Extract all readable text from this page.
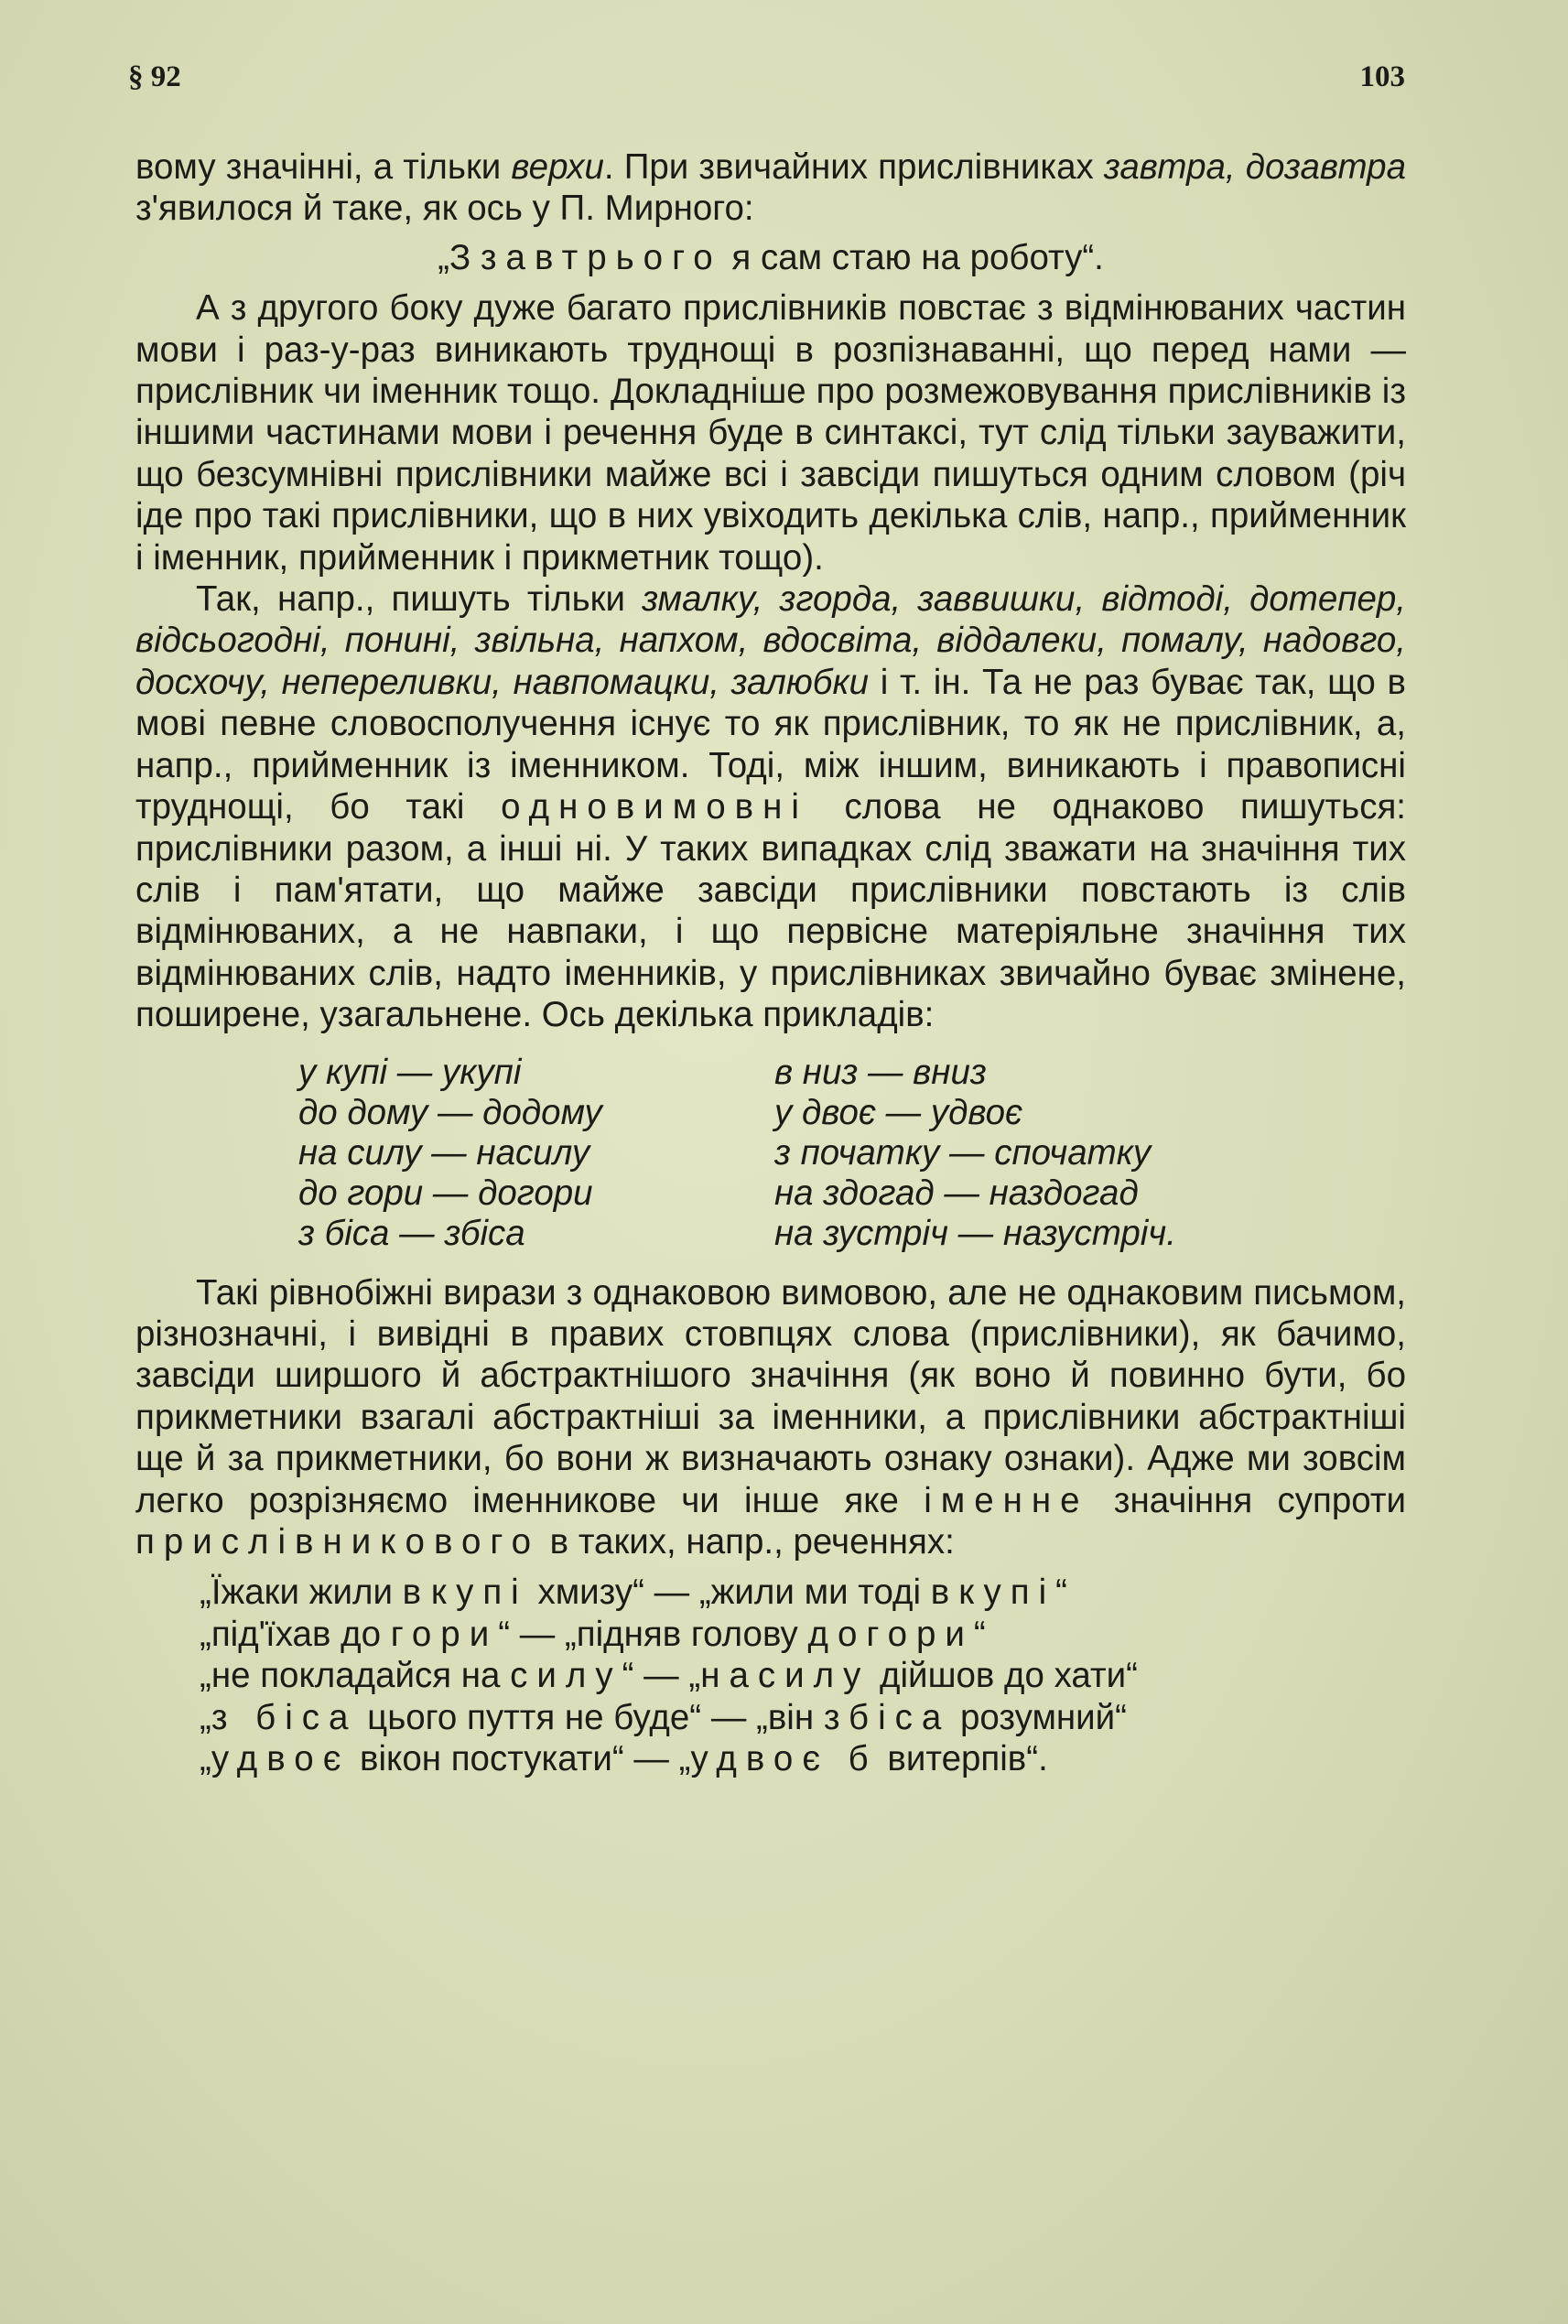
§ 92	103

вому значінні, а тільки верхи. При звичайних прислівниках завтра, дозавтра з'явилося й таке, як ось у П. Мирного:

„З завтрього я сам стаю на роботу“.

А з другого боку дуже багато прислівників повстає з відмінюваних частин мови і раз-у-раз виникають труднощі в розпізнаванні, що перед нами — прислівник чи іменник тощо. Докладніше про розмежовування прислівників із іншими частинами мови і речення буде в синтаксі, тут слід тільки зауважити, що безсумнівні прислівники майже всі і завсіди пишуться одним словом (річ іде про такі прислівники, що в них увіходить декілька слів, напр., прийменник і іменник, прийменник і прикметник тощо).

Так, напр., пишуть тільки змалку, згорда, заввишки, відтоді, дотепер, відсьогодні, понині, звільна, напхом, вдосвіта, віддалеки, помалу, надовго, досхочу, непереливки, навпомацки, залюбки і т. ін. Та не раз буває так, що в мові певне словосполучення існує то як прислівник, то як не прислівник, а, напр., прийменник із іменником. Тоді, між іншим, виникають і правописні труднощі, бо такі одновимовні слова не однаково пишуться: прислівники разом, а інші ні. У таких випадках слід зважати на значіння тих слів і пам'ятати, що майже завсіди прислівники повстають із слів відмінюваних, а не навпаки, і що первісне матеріяльне значіння тих відмінюваних слів, надто іменників, у прислівниках звичайно буває змінене, поширене, узагальнене. Ось декілька прикладів:

у купі — укупі	в низ — вниз
до дому — додому	у двоє — удвоє
на силу — насилу	з початку — спочатку
до гори — догори	на здогад — наздогад
з біса — збіса	на зустріч — назустріч.

Такі рівнобіжні вирази з однаковою вимовою, але не однаковим письмом, різнозначні, і вивідні в правих стовпцях слова (прислівники), як бачимо, завсіди ширшого й абстрактнішого значіння (як воно й повинно бути, бо прикметники взагалі абстрактніші за іменники, а прислівники абстрактніші ще й за прикметники, бо вони ж визначають ознаку ознаки). Адже ми зовсім легко розрізняємо іменникове чи інше яке іменне значіння супроти прислівникового в таких, напр., реченнях:

„Їжаки жили в купі хмизу“ — „жили ми тоді вкупі“
„під'їхав до гори“ — „підняв голову догори“
„не покладайся на силу“ — „насилу дійшов до хати“
„з біса цього пуття не буде“ — „він збіса розумний“
„удвоє вікон постукати“ — „удвоє б витерпів“.
